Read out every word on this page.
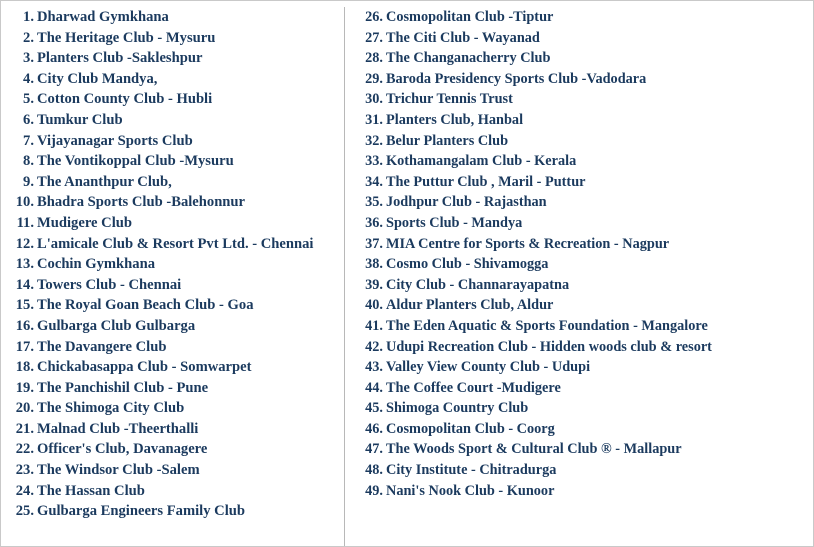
1. Dharwad Gymkhana
2. The Heritage Club - Mysuru
3. Planters Club -Sakleshpur
4. City Club Mandya,
5. Cotton County Club - Hubli
6. Tumkur Club
7. Vijayanagar Sports Club
8. The Vontikoppal Club -Mysuru
9. The Ananthpur Club,
10. Bhadra Sports Club -Balehonnur
11. Mudigere Club
12. L'amicale Club & Resort Pvt Ltd. - Chennai
13. Cochin Gymkhana
14. Towers Club - Chennai
15. The Royal Goan Beach Club - Goa
16. Gulbarga Club Gulbarga
17. The Davangere Club
18. Chickabasappa Club - Somwarpet
19. The Panchishil Club - Pune
20. The Shimoga City Club
21. Malnad Club -Theerthalli
22. Officer's Club, Davanagere
23. The Windsor Club -Salem
24. The Hassan Club
25. Gulbarga Engineers Family Club
26. Cosmopolitan Club -Tiptur
27. The Citi Club - Wayanad
28. The Changanacherry Club
29. Baroda Presidency Sports Club -Vadodara
30. Trichur Tennis Trust
31. Planters Club, Hanbal
32. Belur Planters Club
33. Kothamangalam Club - Kerala
34. The Puttur Club , Maril - Puttur
35. Jodhpur Club - Rajasthan
36. Sports Club - Mandya
37. MIA Centre for Sports & Recreation - Nagpur
38. Cosmo Club - Shivamogga
39. City Club - Channarayapatna
40. Aldur Planters Club, Aldur
41. The Eden Aquatic & Sports Foundation - Mangalore
42. Udupi Recreation Club - Hidden woods club & resort
43. Valley View County Club - Udupi
44. The Coffee Court -Mudigere
45. Shimoga Country Club
46. Cosmopolitan Club - Coorg
47. The Woods Sport & Cultural Club ® - Mallapur
48. City Institute - Chitradurga
49. Nani's Nook Club - Kunoor
